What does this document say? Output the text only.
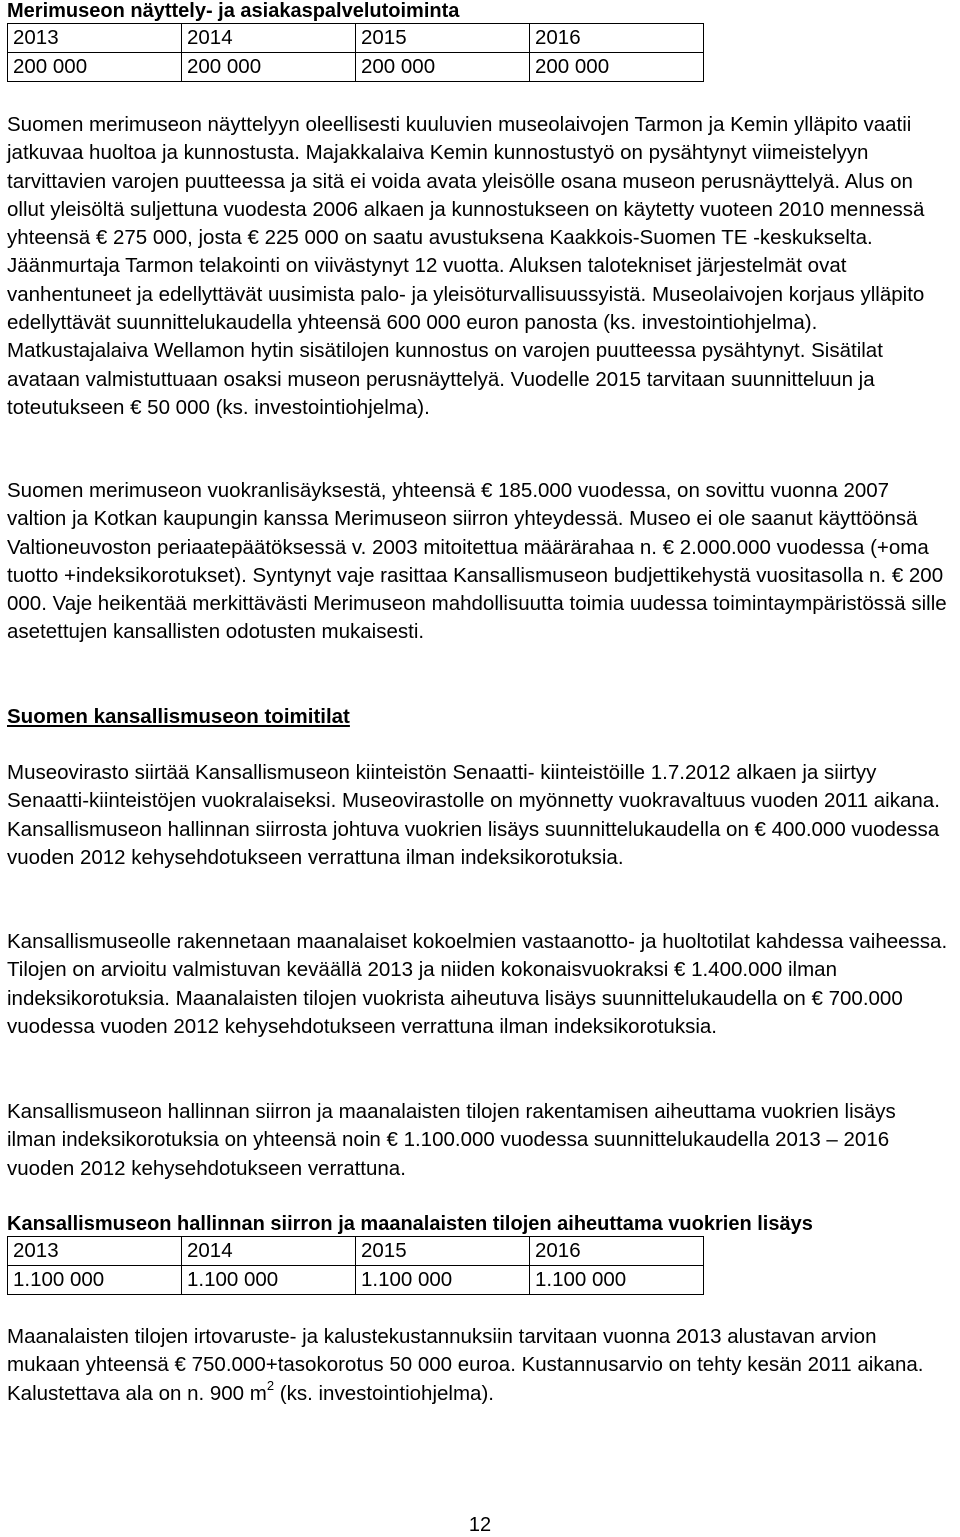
Merimuseon näyttely- ja asiakaspalvelutoiminta
2013	2014	2015	2016
200 000	200 000	200 000	200 000

Suomen merimuseon näyttelyyn oleellisesti kuuluvien museolaivojen Tarmon ja Kemin ylläpito vaatii jatkuvaa huoltoa ja kunnostusta. Majakkalaiva Kemin kunnostustyö on pysähtynyt viimeistelyyn tarvittavien varojen puutteessa ja sitä ei voida avata yleisölle osana museon perusnäyttelyä. Alus on ollut yleisöltä suljettuna vuodesta 2006 alkaen ja kunnostukseen on käytetty vuoteen 2010 mennessä yhteensä € 275 000, josta € 225 000 on saatu avustuksena Kaakkois-Suomen TE -keskukselta. Jäänmurtaja Tarmon telakointi on viivästynyt 12 vuotta. Aluksen talotekniset järjestelmät ovat vanhentuneet ja edellyttävät uusimista palo- ja yleisöturvallisuussyistä. Museolaivojen korjaus ylläpito edellyttävät suunnittelukaudella yhteensä 600 000 euron panosta (ks. investointiohjelma). Matkustajalaiva Wellamon hytin sisätilojen kunnostus on varojen puutteessa pysähtynyt. Sisätilat avataan valmistuttuaan osaksi museon perusnäyttelyä. Vuodelle 2015 tarvitaan suunnitteluun ja toteutukseen € 50 000 (ks. investointiohjelma).

Suomen merimuseon vuokranlisäyksestä, yhteensä € 185.000 vuodessa, on sovittu vuonna 2007 valtion ja Kotkan kaupungin kanssa Merimuseon siirron yhteydessä. Museo ei ole saanut käyttöönsä Valtioneuvoston periaatepäätöksessä v. 2003 mitoitettua määrärahaa n. € 2.000.000 vuodessa (+oma tuotto +indeksikorotukset). Syntynyt vaje rasittaa Kansallismuseon budjettikehystä vuositasolla n. € 200 000. Vaje heikentää merkittävästi Merimuseon mahdollisuutta toimia uudessa toimintaympäristössä sille asetettujen kansallisten odotusten mukaisesti.

Suomen kansallismuseon toimitilat

Museovirasto siirtää Kansallismuseon kiinteistön Senaatti- kiinteistöille 1.7.2012 alkaen ja siirtyy Senaatti-kiinteistöjen vuokralaiseksi. Museovirastolle on myönnetty vuokravaltuus vuoden 2011 aikana. Kansallismuseon hallinnan siirrosta johtuva vuokrien lisäys suunnittelukaudella on € 400.000 vuodessa vuoden 2012 kehysehdotukseen verrattuna ilman indeksikorotuksia.

Kansallismuseolle rakennetaan maanalaiset kokoelmien vastaanotto- ja huoltotilat kahdessa vaiheessa. Tilojen on arvioitu valmistuvan keväällä 2013 ja niiden kokonaisvuokraksi € 1.400.000 ilman indeksikorotuksia. Maanalaisten tilojen vuokrista aiheutuva lisäys suunnittelukaudella on € 700.000 vuodessa vuoden 2012 kehysehdotukseen verrattuna ilman indeksikorotuksia.

Kansallismuseon hallinnan siirron ja maanalaisten tilojen rakentamisen aiheuttama vuokrien lisäys ilman indeksikorotuksia on yhteensä noin € 1.100.000 vuodessa suunnittelukaudella 2013 – 2016 vuoden 2012 kehysehdotukseen verrattuna.

Kansallismuseon hallinnan siirron ja maanalaisten tilojen aiheuttama vuokrien lisäys
2013	2014	2015	2016
1.100 000	1.100 000	1.100 000	1.100 000

Maanalaisten tilojen irtovaruste- ja kalustekustannuksiin tarvitaan vuonna 2013 alustavan arvion mukaan yhteensä € 750.000+tasokorotus 50 000 euroa. Kustannusarvio on tehty kesän 2011 aikana. Kalustettava ala on n. 900 $m^2$ (ks. investointiohjelma).

12
